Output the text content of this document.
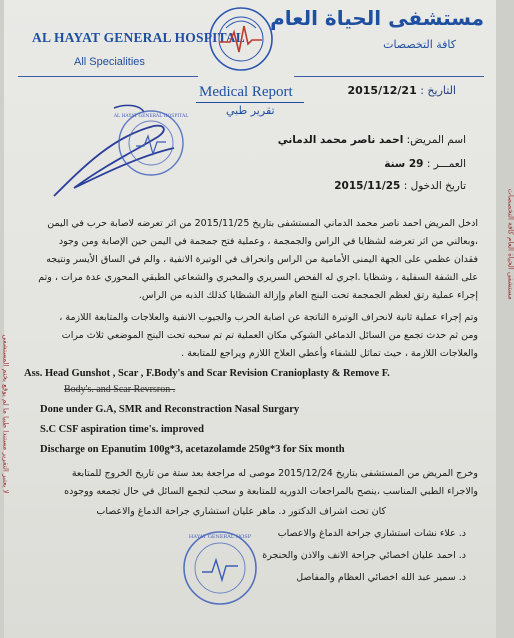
مستشفى الحياة العام
كافة التخصصات
AL HAYAT GENERAL HOSPITAL
All Specialities
Medical Report
تقرير طبي
التاريخ : 2015/12/21
AL HAYAT GENERAL HOSPITAL
اسم المريض: احمد ناصر محمد الدماني
العمـــر : 29 سنة
تاريخ الدخول : 2015/11/25
ادخل المريض احمد ناصر محمد الدماني المستشفى بتاريخ 2015/11/25 من اثر تعرضه لاصابة حرب في اليمن
،وبعالني من اثر تعرضه لشظايا في الراس والجمجمة ، وعملية فتح جمجمة في اليمن حين الإصابة ومن وجود
فقدان عظمي على الجهة اليمنى الأمامية من الراس وانحراف في الوتيرة الانفية ، والم في الساق الأيسر ونتيجه
على الشفة السفلية ، وشظايا .اجري له الفحص السريري والمخبري والشعاعي الطبقي المحوري عدة مرات ، وتم
إجراء عملية رتق لعظم الجمجمة تحت البنج العام وإزالة الشظايا كذلك الذبه من الراس.
وتم إجراء عملية ثانية لانحراف الوتيرة الناتجة عن اصابة الحرب والجيوب الانفية والعلاجات والمتابعة اللازمة ،
ومن ثم حدث تجمع من السائل الدماغي الشوكي مكان العملية تم تم سحبه تحت البنج الموضعي ثلاث مرات
والعلاجات اللازمة ، حيث تماثل للشفاء وأعطي العلاج اللازم ويراجع للمتابعة .
Ass. Head Gunshot , Scar , F.Body's and Scar Revision Cranioplasty & Remove F.
Body's. and Scar Revrsron .
Done under G.A, SMR and Reconstraction Nasal Surgary
S.C CSF aspiration time's. improved
Discharge on Epanutim 100g*3, acetazolamde 250g*3 for Six month
وخرج المريض من المستشفى بتاريخ 2015/12/24 موصى له مراجعة بعد ستة من تاريخ الخروج للمتابعة
والاجراء الطبي المناسب ،ينصح بالمراجعات الدوريه للمتابعة و سحب لتجمع السائل في حال تجمعه ووجوده
كان تحت اشراف الدكتور د. ماهر عليان استشاري جراحة الدماغ والاعصاب
د. علاء نشات استشاري جراحة الدماغ والاعصاب
د. احمد عليان اخصائي جراحة الانف والاذن والحنجرة
د. سمير عبد الله اخصائي العظام والمفاصل
HAYAT GENERAL HOSP
لا يعتبر التقرير مستندا طبيا ما لم يوقع بختم المستشفى
مستشفى الحياة العام كافة التخصصات
